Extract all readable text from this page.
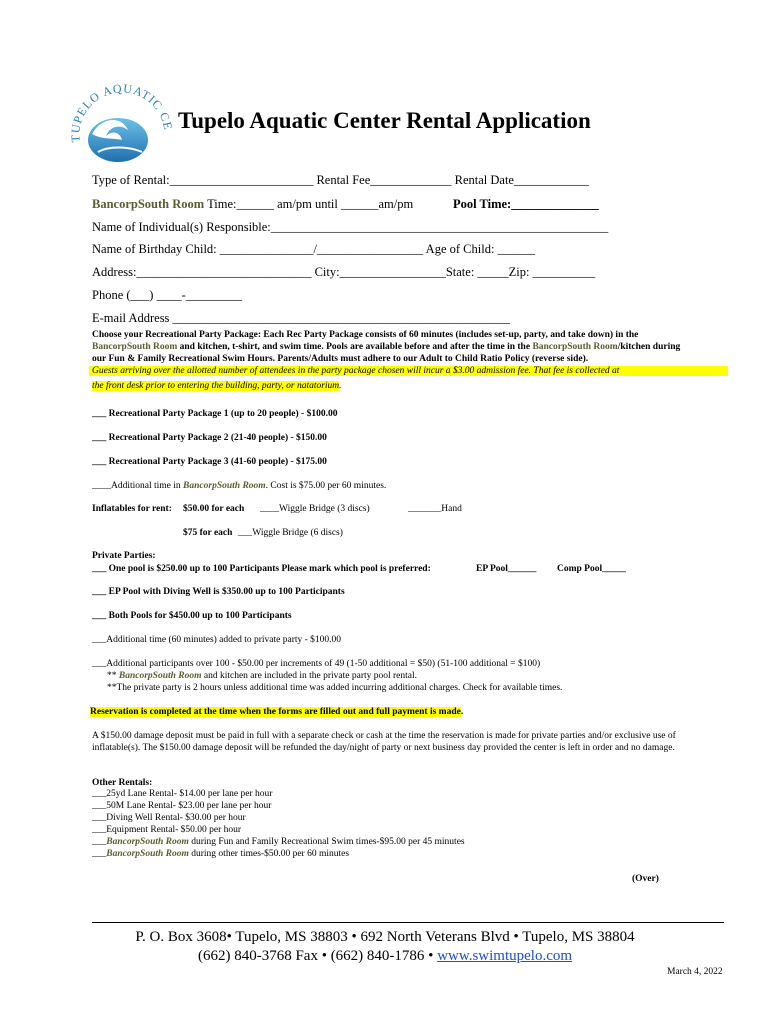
TUPELO AQUATIC CE Tupelo Aquatic Center Rental Application
Type of Rental:_______________________ Rental Fee_____________ Rental Date____________
BancorpSouth Room Time:______ am/pm until ______am/pm	Pool Time:______________
Name of Individual(s) Responsible:______________________________________________________
Name of Birthday Child: _______________/_________________ Age of Child: ______
Address:____________________________ City:_________________State: _____Zip: __________
Phone (___) ____-_________
E-mail Address ______________________________________________________
Choose your Recreational Party Package: Each Rec Party Package consists of 60 minutes (includes set-up, party, and take down) in the
BancorpSouth Room and kitchen, t-shirt, and swim time. Pools are available before and after the time in the BancorpSouth Room/kitchen during
our Fun & Family Recreational Swim Hours. Parents/Adults must adhere to our Adult to Child Ratio Policy (reverse side).
Guests arriving over the allotted number of attendees in the party package chosen will incur a $3.00 admission fee. That fee is collected at
the front desk prior to entering the building, party, or natatorium.
___ Recreational Party Package 1 (up to 20 people) - $100.00
___ Recreational Party Package 2 (21-40 people) - $150.00
___ Recreational Party Package 3 (41-60 people) - $175.00
____Additional time in BancorpSouth Room. Cost is $75.00 per 60 minutes.
Inflatables for rent: $50.00 for each ____Wiggle Bridge (3 discs)	_______Hand
$75 for each ___Wiggle Bridge (6 discs)
Private Parties:
___ One pool is $250.00 up to 100 Participants Please mark which pool is preferred:	EP Pool______ Comp Pool_____
___ EP Pool with Diving Well is $350.00 up to 100 Participants
___ Both Pools for $450.00 up to 100 Participants
___Additional time (60 minutes) added to private party - $100.00
___Additional participants over 100 - $50.00 per increments of 49 (1-50 additional = $50) (51-100 additional = $100)
** BancorpSouth Room and kitchen are included in the private party pool rental.
**The private party is 2 hours unless additional time was added incurring additional charges. Check for available times.
Reservation is completed at the time when the forms are filled out and full payment is made.
A $150.00 damage deposit must be paid in full with a separate check or cash at the time the reservation is made for private parties and/or exclusive use of
inflatable(s). The $150.00 damage deposit will be refunded the day/night of party or next business day provided the center is left in order and no damage.
Other Rentals:
___25yd Lane Rental- $14.00 per lane per hour
___50M Lane Rental- $23.00 per lane per hour
___Diving Well Rental- $30.00 per hour
___Equipment Rental- $50.00 per hour
___BancorpSouth Room during Fun and Family Recreational Swim times-$95.00 per 45 minutes
___BancorpSouth Room during other times-$50.00 per 60 minutes
(Over)
P. O. Box 3608• Tupelo, MS 38803 • 692 North Veterans Blvd • Tupelo, MS 38804
(662) 840-3768 Fax • (662) 840-1786 • www.swimtupelo.com
March 4, 2022
